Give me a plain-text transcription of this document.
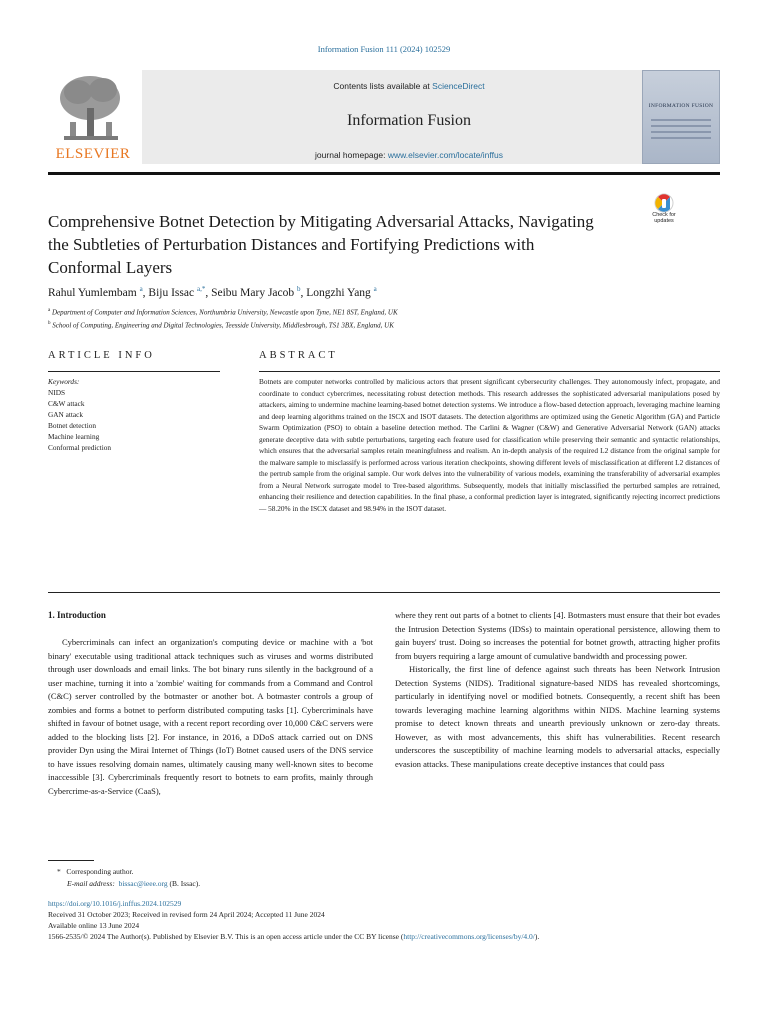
Information Fusion 111 (2024) 102529
ELSEVIER
Contents lists available at ScienceDirect
Information Fusion
journal homepage: www.elsevier.com/locate/inffus
INFORMATION FUSION
Check for updates
Comprehensive Botnet Detection by Mitigating Adversarial Attacks, Navigating the Subtleties of Perturbation Distances and Fortifying Predictions with Conformal Layers
Rahul Yumlembam $^a$, Biju Issac $^{a,*}$, Seibu Mary Jacob $^b$, Longzhi Yang $^a$
$^a$ Department of Computer and Information Sciences, Northumbria University, Newcastle upon Tyne, NE1 8ST, England, UK
$^b$ School of Computing, Engineering and Digital Technologies, Teesside University, Middlesbrough, TS1 3BX, England, UK
ARTICLE INFO	ABSTRACT
Keywords:
NIDS
C&W attack
GAN attack
Botnet detection
Machine learning
Conformal prediction

Botnets are computer networks controlled by malicious actors that present significant cybersecurity challenges. They autonomously infect, propagate, and coordinate to conduct cybercrimes, necessitating robust detection methods. This research addresses the sophisticated adversarial manipulations posed by attackers, aiming to undermine machine learning-based botnet detection systems. We introduce a flow-based detection approach, leveraging machine learning and deep learning algorithms trained on the ISCX and ISOT datasets. The detection algorithms are optimized using the Genetic Algorithm (GA) and Particle Swarm Optimization (PSO) to obtain a baseline detection method. The Carlini & Wagner (C&W) and Generative Adversarial Network (GAN) attacks generate deceptive data with subtle perturbations, targeting each feature used for classification while preserving their semantic and syntactic relationships, which ensures that the adversarial samples retain meaningfulness and realism. An in-depth analysis of the required L2 distance from the original sample for the malware sample to misclassify is performed across various iteration checkpoints, showing different levels of misclassification at different L2 distances of the pertrub sample from the original sample. Our work delves into the vulnerability of various models, examining the transferability of adversarial examples from a Neural Network surrogate model to Tree-based algorithms. Subsequently, models that initially misclassified the perturbed samples are retrained, enhancing their resilience and detection capabilities. In the final phase, a conformal prediction layer is integrated, significantly rejecting incorrect predictions — 58.20% in the ISCX dataset and 98.94% in the ISOT dataset.

1. Introduction

Cybercriminals can infect an organization's computing device or machine with a 'bot binary' executable using traditional attack techniques such as viruses and worms distributed through user downloads and email links. The bot binary runs silently in the background of a user machine, turning it into a 'zombie' waiting for commands from a Command and Control (C&C) server controlled by the botmaster or another bot. A botmaster controls a group of zombies and forms a botnet to perform distributed computing tasks [1]. Cybercriminals have shifted in favour of botnet usage, with a recent report recording over 10,000 C&C servers were added to the blocking lists [2]. For instance, in 2016, a DDoS attack carried out on DNS provider Dyn using the Mirai Internet of Things (IoT) Botnet caused users of the DNS service to have issues resolving domain names, ultimately causing many well-known sites to become inaccessible [3]. Cybercriminals frequently resort to botnets to earn profits, mainly through Cybercrime-as-a-Service (CaaS),

where they rent out parts of a botnet to clients [4]. Botmasters must ensure that their bot evades the Intrusion Detection Systems (IDSs) to maintain operational persistence, allowing them to gain buyers' trust. Doing so increases the potential for botnet growth, attracting higher profits from buyers requiring a large amount of cumulative bandwidth and processing power.

Historically, the first line of defence against such threats has been Network Intrusion Detection Systems (NIDS). Traditional signature-based NIDS has revealed shortcomings, particularly in identifying novel or modified botnets. Consequently, a recent shift has been towards leveraging machine learning algorithms within NIDS. Machine learning systems promise to detect known threats and unearth previously unknown or zero-day threats. However, as with most advancements, this shift has vulnerabilities. Recent research underscores the susceptibility of machine learning models to adversarial attacks, especially evasion attacks. These manipulations create deceptive instances that could pass

*   Corresponding author.
E-mail address: bissac@ieee.org (B. Issac).
https://doi.org/10.1016/j.inffus.2024.102529
Received 31 October 2023; Received in revised form 24 April 2024; Accepted 11 June 2024
Available online 13 June 2024
1566-2535/© 2024 The Author(s). Published by Elsevier B.V. This is an open access article under the CC BY license (http://creativecommons.org/licenses/by/4.0/).
